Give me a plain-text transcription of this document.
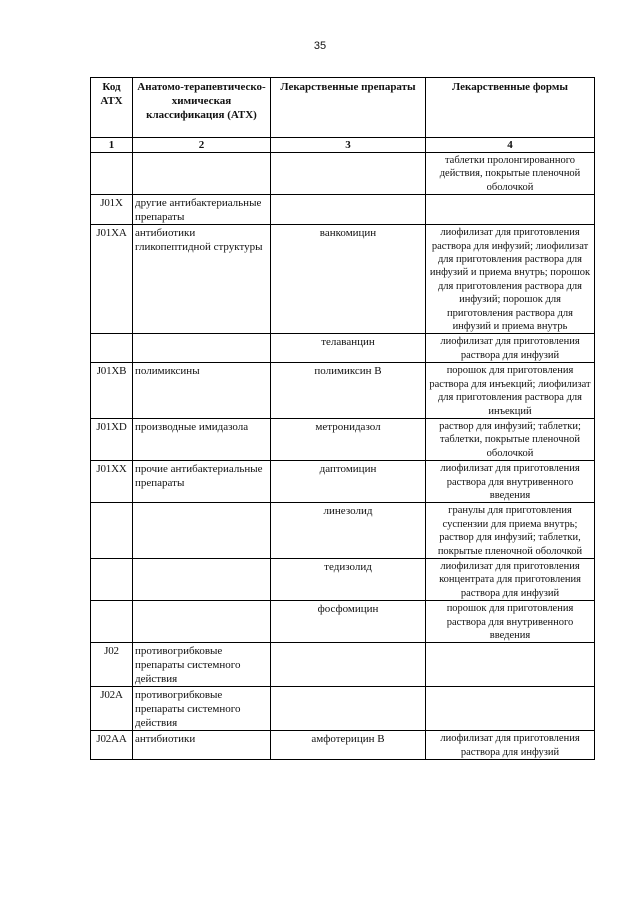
35
Код АТХ	Анатомо-терапевтическо-химическая классификация (АТХ)	Лекарственные препараты	Лекарственные формы
1	2	3	4
			таблетки пролонгированного действия, покрытые пленочной оболочкой
J01X	другие антибактериальные препараты		
J01XA	антибиотики гликопептидной структуры	ванкомицин	лиофилизат для приготовления раствора для инфузий; лиофилизат для приготовления раствора для инфузий и приема внутрь; порошок для приготовления раствора для инфузий; порошок для приготовления раствора для инфузий и приема внутрь
		телаванцин	лиофилизат для приготовления раствора для инфузий
J01XB	полимиксины	полимиксин В	порошок для приготовления раствора для инъекций; лиофилизат для приготовления раствора для инъекций
J01XD	производные имидазола	метронидазол	раствор для инфузий; таблетки; таблетки, покрытые пленочной оболочкой
J01XX	прочие антибактериальные препараты	даптомицин	лиофилизат для приготовления раствора для внутривенного введения
		линезолид	гранулы для приготовления суспензии для приема внутрь; раствор для инфузий; таблетки, покрытые пленочной оболочкой
		тедизолид	лиофилизат для приготовления концентрата для приготовления раствора для инфузий
		фосфомицин	порошок для приготовления раствора для внутривенного введения
J02	противогрибковые препараты системного действия		
J02A	противогрибковые препараты системного действия		
J02AA	антибиотики	амфотерицин В	лиофилизат для приготовления раствора для инфузий
